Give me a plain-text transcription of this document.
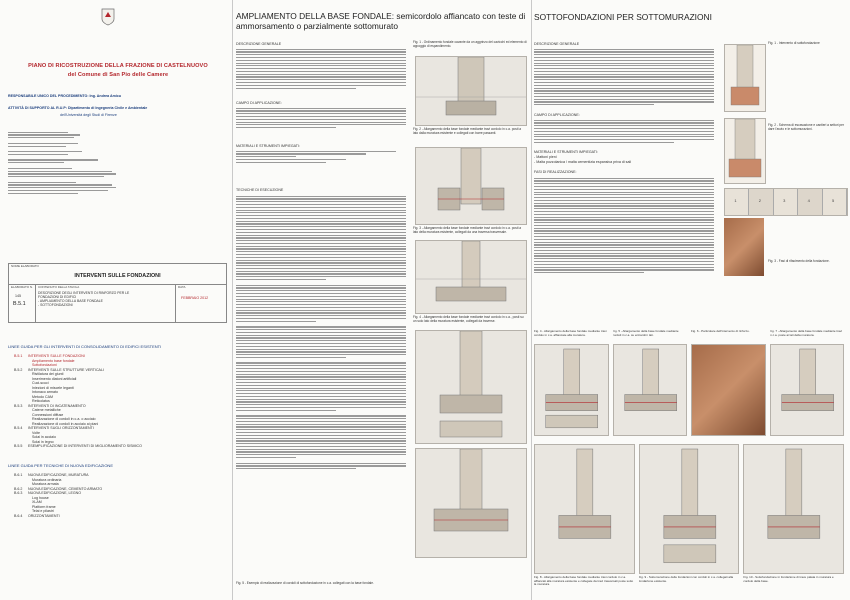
PIANO DI RICOSTRUZIONE DELLA FRAZIONE DI CASTELNUOVO
del Comune di San Pio delle Camere
RESPONSABILE UNICO DEL PROCEDIMENTO: Ing. Andrea Amicu
ATTIVITÀ DI SUPPORTO AL R.U.P: Dipartimento di Ingegneria Civile e Ambientale
dell'Università degli Studi di Firenze
NOME ELABORATO
INTERVENTI SULLE FONDAZIONI
ELABORATO N.
145
B.5.1
CONTENUTO DELLA TAVOLA
DESCRIZIONE DEGLI INTERVENTI DI RINFORZO PER LE FONDAZIONI DI EDIFICI
- AMPLIAMENTO DELLA BASE FONDALE
- SOTTOFONDAZIONI
DATA
FEBBRAIO 2012
LINEE GUIDA PER GLI INTERVENTI DI CONSOLIDAMENTO DI EDIFICI ESISTENTI
B.5.1	INTERVENTI SULLE FONDAZIONI
Ampliamento base fondale
Sottofondazioni
B.5.2	INTERVENTI SULLE STRUTTURE VERTICALI
Ristilatura dei giunti
Inserimento diatoni artificiali
Cuci-scuci
Iniezioni di miscele leganti
Intonaco armato
Metodo CAM
Reticolatus
B.5.3	INTERVENTI DI INCATENAMENTO
Catene metalliche
Connessioni diffuse
Realizzazione di cordoli in c.a. o acciaio
Realizzazione di cordoli in acciaio ai piani
B.5.4	INTERVENTI SUGLI ORIZZONTAMENTI
Volte
Solai in acciaio
Solai in legno
B.5.5	ESEMPLIFICAZIONE DI INTERVENTI DI MIGLIORAMENTO SISMICO
LINEE GUIDA PER TECNICHE DI NUOVA EDIFICAZIONE
B.6.1	NUOVA EDIFICAZIONE, MURATURA
Muratura ordinaria
Muratura armata
B.6.2	NUOVA EDIFICAZIONE, CEMENTO ARMATO
B.6.3	NUOVA EDIFICAZIONE, LEGNO
Log house
XLAM
Platform frame
Telai e pilastri
B.6.4	ORIZZONTAMENTI
AMPLIAMENTO DELLA BASE FONDALE: semicordolo affiancato con teste di ammorsamento o parzialmente sottomurato
DESCRIZIONE GENERALE
CAMPO DI APPLICAZIONE:
MATERIALI E STRUMENTI IMPIEGATI:
TECNICHE DI ESECUZIONE
Fig. 1 - Ordinamento fondale cavante da un aggrinzo del cavicchi ed elemento di appoggio di espandimento.
Fig. 2 - Allargamento della base fondale mediante travi cordolo in c.a. posti a lato dalla muratura esistente e collegati con barre passanti.
Fig. 3 - Allargamento della base fondale mediante travi cordolo in c.a. posti a lato della muratura esistente, collegati da una traversa trasversale.
Fig. 4 - Allargamento della base fondale mediante travi cordolo in c.a., posti su un solo lato della muratura esistente, collegati da traverse.
Fig. 5 - Esempio di realizzazione di cordoli di sottofondazione in c.a. collegati con la base fondale.
SOTTOFONDAZIONI PER SOTTOMURAZIONI
DESCRIZIONE GENERALE
CAMPO DI APPLICAZIONE:
MATERIALI E STRUMENTI IMPIEGATI:
- Mattoni pieni
- Malta pozzolanica / malta cementizia espansiva priva di sali
FASI DI REALIZZAZIONE:
Fig. 1 - Intervento di sottofondazione
Fig. 2 - Schema di escavazione e cantieri a settori per dare l'avvio e le sottomurazioni.
1	2	3	4	5
Fig. 3 - Fasi di rifacimento della fondazione.
Fig. 4 - Allargamento della base fondale mediante travi cordolo in c.a. affiancate alla muratura.
Fig. 5 - Allargamento della base fondale mediante cordoli in c.a. su entrambi i lati.
Fig. 6 - Particolare dell'intervento di rinforzo.	Fig. 7 - Allargamento della base fondale mediante travi in c.a. poste ai lati della muratura.
Fig. 8 - Allargamento della base fondale mediante travi cordolo in c.a. affiancati alla muratura esistente e collegate da travi trasversali poste sotto la muratura.
Fig. 9 - Sottomurazione delle fondazioni con cordoli in c.a. collegati alla fondazione esistente.
Fig. 10 - Sottofondazione in fondazione di trave palata in muratura e cordolo della base.
